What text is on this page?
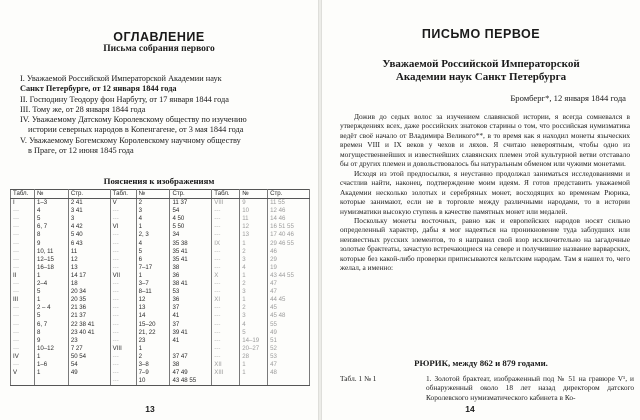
ОГЛАВЛЕНИЕ
Письма собрания первого
I. Уважаемой Российской Императорской Академии наук
Санкт Петербурге, от 12 января 1844 года
II. Господину Теодору фон Нарбуту, от 17 января 1844 года
III. Тому же, от 28 января 1844 года
IV. Уважаемому Датскому Королевскому обществу по изучению
истории северных народов в Копенгагене, от 3 мая 1844 года
V. Уважаемому Богемскому Королевскому научному обществу
в Праге, от 12 июня 1845 года
Пояснения к изображениям
Табл.	№	Стр.	Табл.	№	Стр.	Табл.	№	Стр.
I	1–3	2 41	V	2	11 37	VIII	9	11 55
---	4	3 41	---	3	54	---	10	12 46
---	5	3	---	4	4 50	---	11	14 46
---	6, 7	4 42	VI	1	5 50	---	12	16 51 55
---	8	5 40	---	2, 3	34	---	13	17 40 46
---	9	6 43	---	4	35 38	IX	1	29 46 55
---	10, 11	11	---	5	35 41	---	2	46
---	12–15	12	---	6	35 41	---	3	29
---	16–18	13	---	7–17	38	---	4	19
II	1	14 17	VII	1	36	X	1	43 44 55
---	2–4	18	---	3–7	38 41	---	2	47
---	5	20 34	---	8–11	53	---	3	47
III	1	20 35	---	12	36	XI	1	44 45
---	2 – 4	21 36	---	13	37	---	2	45
---	5	21 37	---	14	41	---	3	45 48
---	6, 7	22 38 41	---	15–20	37	---	4	55
---	8	23 40 41	---	21, 22	39 41	---	5	49
---	9	23	---	23	41	---	14–19	51
---	10–12	7 27	VIII	1		---	20–27	52
IV	1	50 54	---	2	37 47	---	28	53
---	1–6	54	---	3–8	38	XII	1	47
V	1	49	---	7–9	47 49	XIII	1	48
			---	10	43 48 55			
13
ПИСЬМО ПЕРВОЕ
Уважаемой Российской Императорской
Академии наук Санкт Петербурга
Бромберг*, 12 января 1844 года

Дожив до седых волос за изучением славянской истории, я всегда сомневался в утверждениях всех, даже российских знатоков старины о том, что российская нумизматика ведёт своё начало от Владимира Великого**, в то время как я находил монеты языческих времен VIII и IX веков у чехов и ляхов. Я считаю невероятным, чтобы одно из могущественнейших и известнейших славянских племен этой культурной ветви отставало бы от других племен и довольствовалось бы натуральным обменом или чужими монетами.

Исходя из этой предпосылки, я неустанно продолжал заниматься исследованиями и счастлив найти, наконец, подтверждение моим идеям. Я готов представить уважаемой Академии несколько золотых и серебряных монет, восходящих ко временам Рюрика, которые занимают, если не в торговле между различными народами, то в истории нумизматики высокую ступень в качестве памятных монет или медалей.

Поскольку монеты восточных, равно как и европейских народов носят сильно определенный характер, дабы я мог надеяться на проникновение туда заблудших или неизвестных русских элементов, то я направил свой взор исключительно на загадочные золотые брактеаты, зачастую встречающиеся на севере и получившие название варварских, которые без какой-либо проверки приписываются кельтским народам. Там я нашел то, чего желал, а именно:

РЮРИК, между 862 и 879 годами.
Табл. 1 № 1	1. Золотой брактеат, изображенный под № 51 на гравюре V¹, и обнаруженный около 18 лет назад директором датского Королевского нумизматического кабинета в Ко-
14
